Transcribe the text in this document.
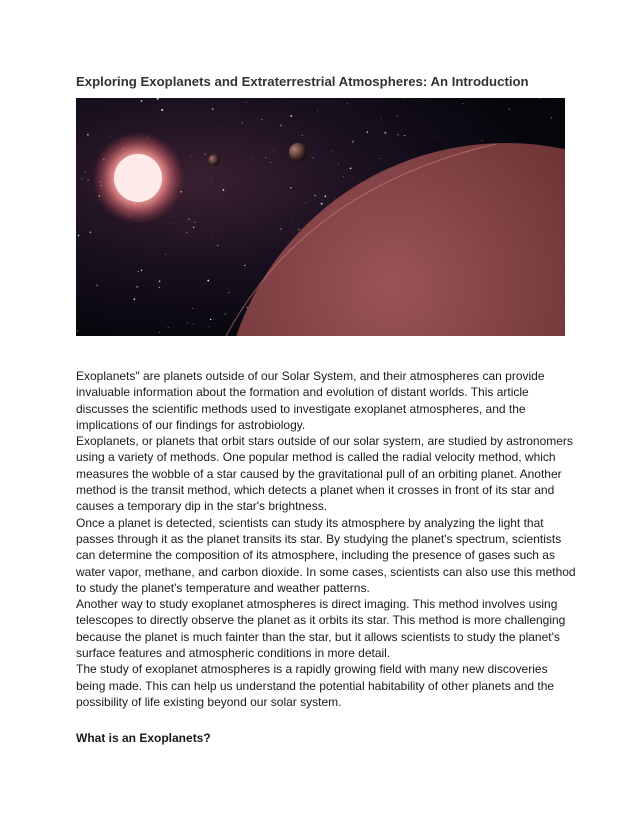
Exploring Exoplanets and Extraterrestrial Atmospheres: An Introduction

Exoplanets" are planets outside of our Solar System, and their atmospheres can provide invaluable information about the formation and evolution of distant worlds. This article discusses the scientific methods used to investigate exoplanet atmospheres, and the implications of our findings for astrobiology.

Exoplanets, or planets that orbit stars outside of our solar system, are studied by astronomers using a variety of methods. One popular method is called the radial velocity method, which measures the wobble of a star caused by the gravitational pull of an orbiting planet. Another method is the transit method, which detects a planet when it crosses in front of its star and causes a temporary dip in the star's brightness.

Once a planet is detected, scientists can study its atmosphere by analyzing the light that passes through it as the planet transits its star. By studying the planet's spectrum, scientists can determine the composition of its atmosphere, including the presence of gases such as water vapor, methane, and carbon dioxide. In some cases, scientists can also use this method to study the planet's temperature and weather patterns.

Another way to study exoplanet atmospheres is direct imaging. This method involves using telescopes to directly observe the planet as it orbits its star. This method is more challenging because the planet is much fainter than the star, but it allows scientists to study the planet's surface features and atmospheric conditions in more detail.

The study of exoplanet atmospheres is a rapidly growing field with many new discoveries being made. This can help us understand the potential habitability of other planets and the possibility of life existing beyond our solar system.

What is an Exoplanets?
